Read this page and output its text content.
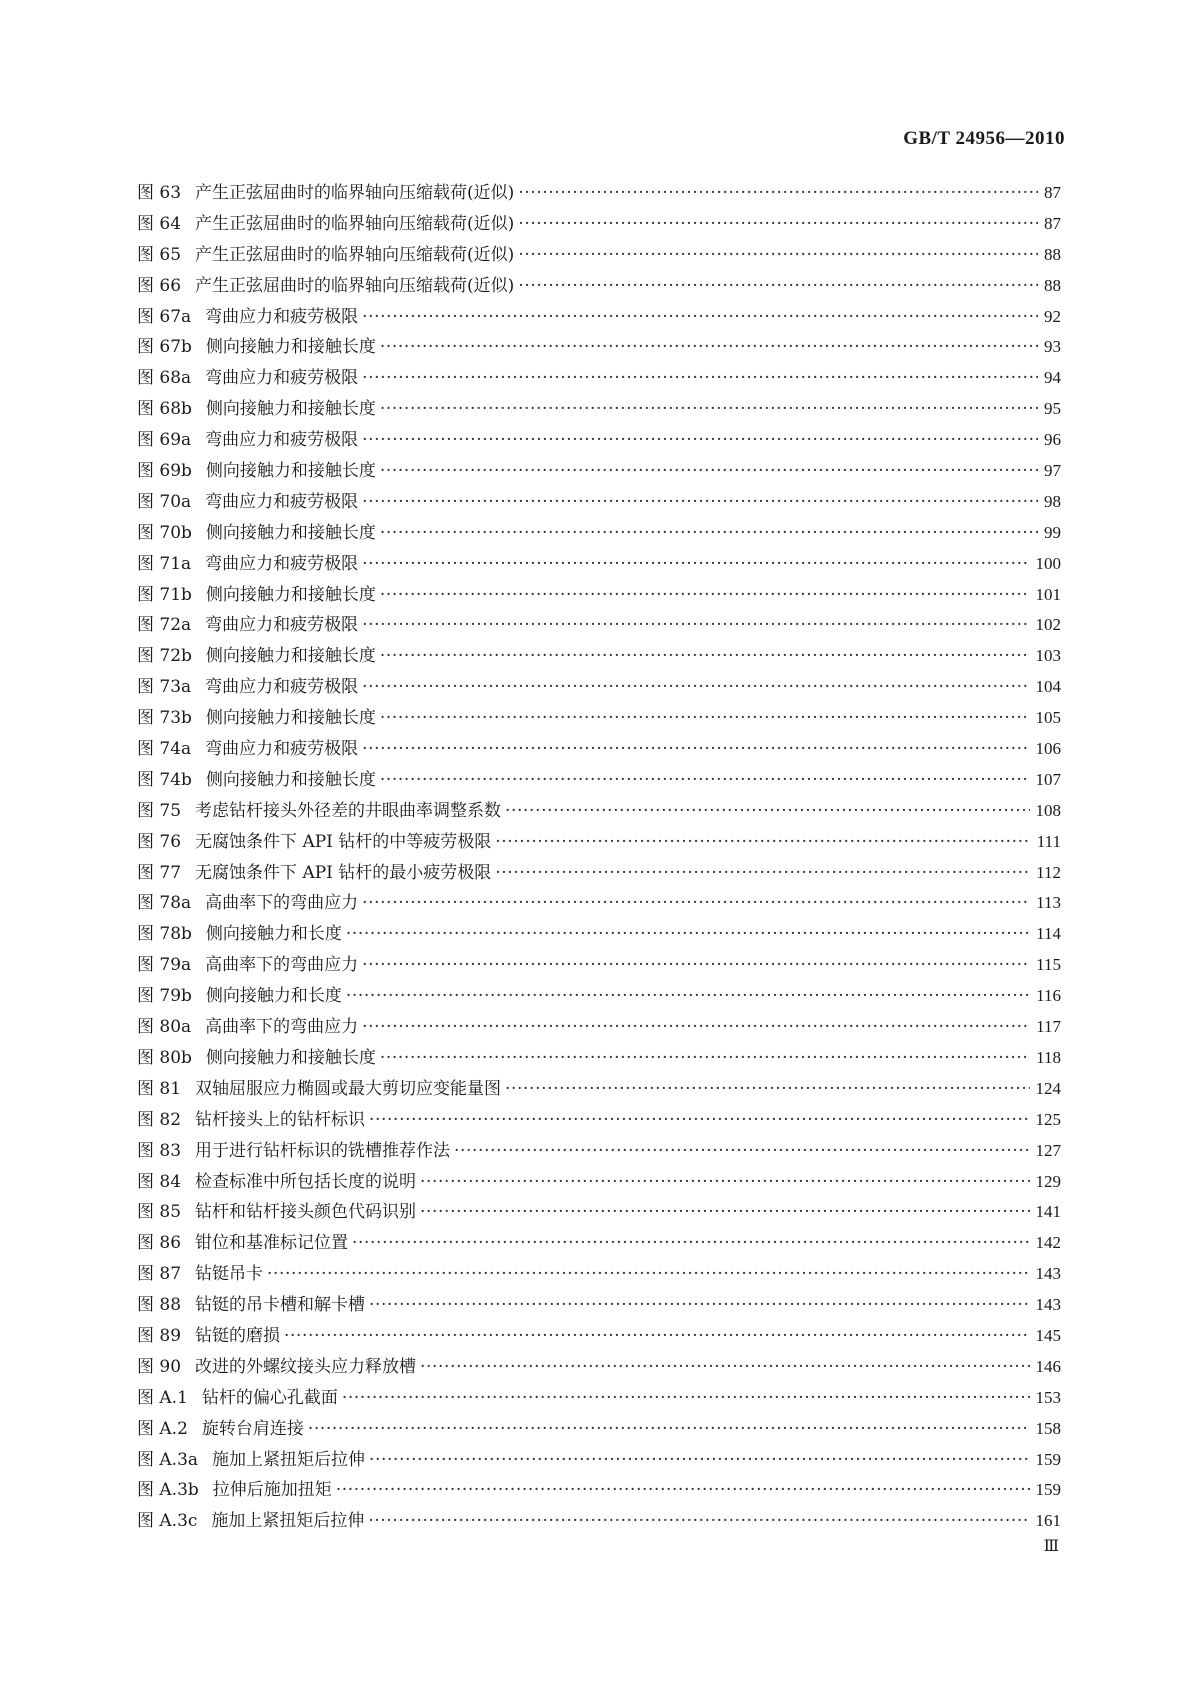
GB/T 24956—2010
图 63 产生正弦屈曲时的临界轴向压缩载荷(近似) ·····	87
图 64 产生正弦屈曲时的临界轴向压缩载荷(近似) ·····	87
图 65 产生正弦屈曲时的临界轴向压缩载荷(近似) ·····	88
图 66 产生正弦屈曲时的临界轴向压缩载荷(近似) ·····	88
图 67a 弯曲应力和疲劳极限 ·····	92
图 67b 侧向接触力和接触长度 ·····	93
图 68a 弯曲应力和疲劳极限 ·····	94
图 68b 侧向接触力和接触长度 ·····	95
图 69a 弯曲应力和疲劳极限 ·····	96
图 69b 侧向接触力和接触长度 ·····	97
图 70a 弯曲应力和疲劳极限 ·····	98
图 70b 侧向接触力和接触长度 ·····	99
图 71a 弯曲应力和疲劳极限 ·····	100
图 71b 侧向接触力和接触长度 ·····	101
图 72a 弯曲应力和疲劳极限 ·····	102
图 72b 侧向接触力和接触长度 ·····	103
图 73a 弯曲应力和疲劳极限 ·····	104
图 73b 侧向接触力和接触长度 ·····	105
图 74a 弯曲应力和疲劳极限 ·····	106
图 74b 侧向接触力和接触长度 ·····	107
图 75 考虑钻杆接头外径差的井眼曲率调整系数 ·····	108
图 76 无腐蚀条件下 API 钻杆的中等疲劳极限 ·····	111
图 77 无腐蚀条件下 API 钻杆的最小疲劳极限 ·····	112
图 78a 高曲率下的弯曲应力 ·····	113
图 78b 侧向接触力和长度 ·····	114
图 79a 高曲率下的弯曲应力 ·····	115
图 79b 侧向接触力和长度 ·····	116
图 80a 高曲率下的弯曲应力 ·····	117
图 80b 侧向接触力和接触长度 ·····	118
图 81 双轴屈服应力椭圆或最大剪切应变能量图 ·····	124
图 82 钻杆接头上的钻杆标识 ·····	125
图 83 用于进行钻杆标识的铣槽推荐作法 ·····	127
图 84 检查标准中所包括长度的说明 ·····	129
图 85 钻杆和钻杆接头颜色代码识别 ·····	141
图 86 钳位和基准标记位置 ·····	142
图 87 钻铤吊卡 ·····	143
图 88 钻铤的吊卡槽和解卡槽 ·····	143
图 89 钻铤的磨损 ·····	145
图 90 改进的外螺纹接头应力释放槽 ·····	146
图 A.1 钻杆的偏心孔截面 ·····	153
图 A.2 旋转台肩连接 ·····	158
图 A.3a 施加上紧扭矩后拉伸 ·····	159
图 A.3b 拉伸后施加扭矩 ·····	159
图 A.3c 施加上紧扭矩后拉伸 ·····	161
Ⅲ
